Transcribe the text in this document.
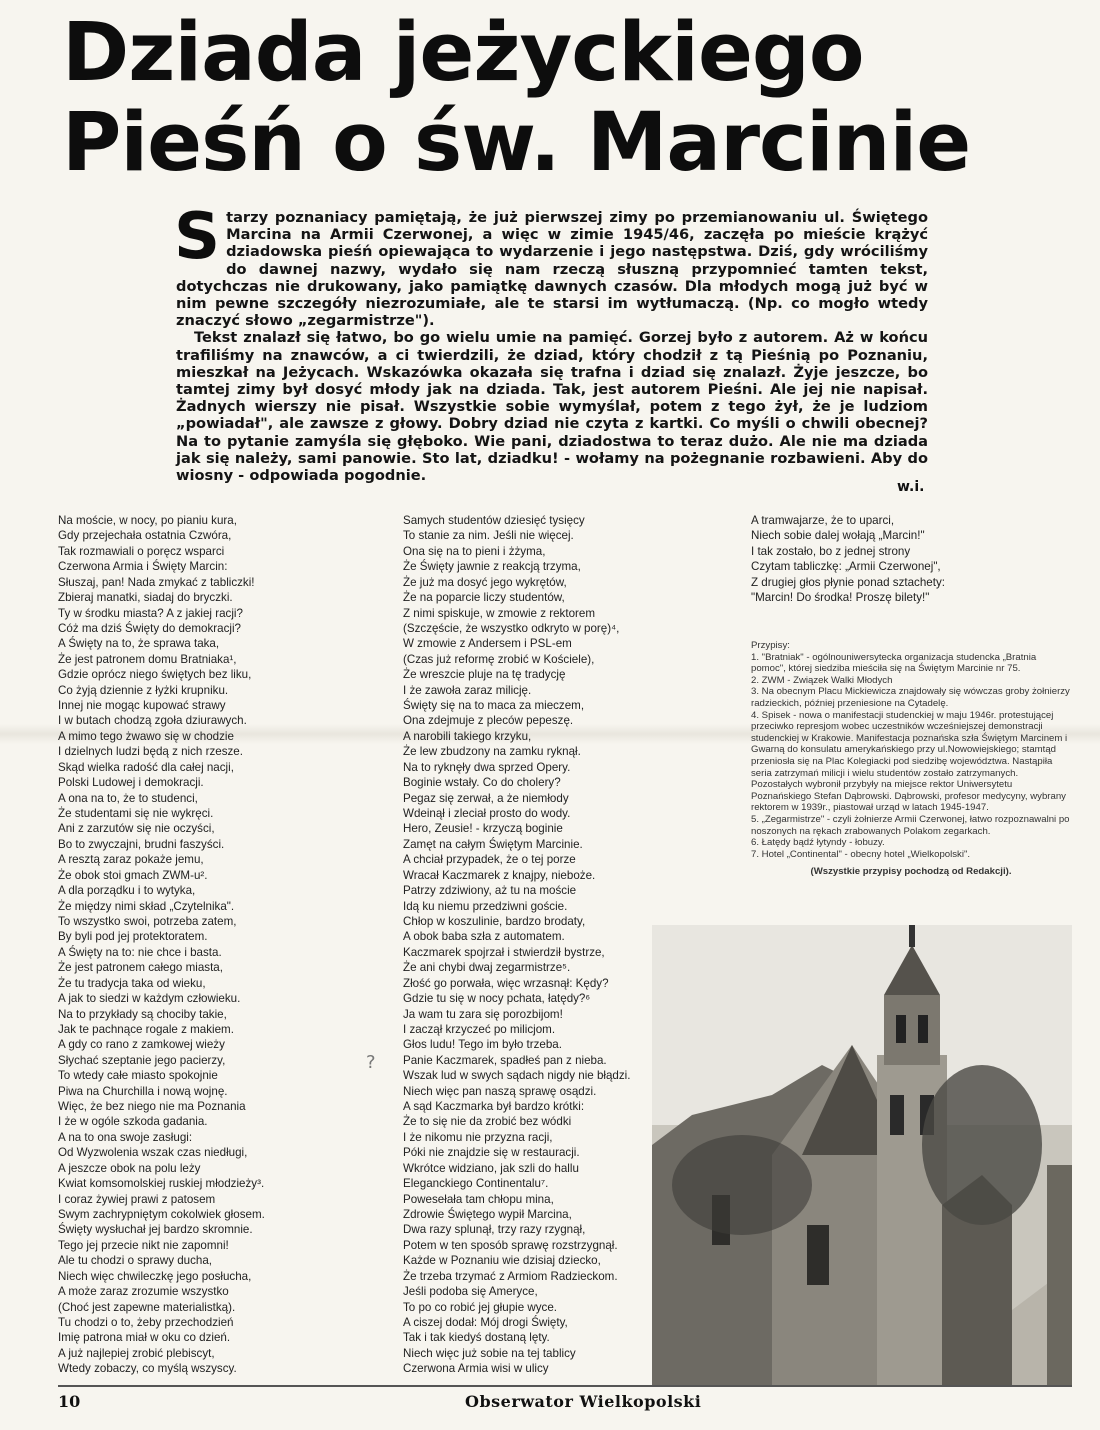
Dziada jeżyckiego
Pieśń o św. Marcinie
S tarzy poznaniacy pamiętają, że już pierwszej zimy po przemianowaniu ul. Świętego Marcina na Armii Czerwonej, a więc w zimie 1945/46, zaczęła po mieście krążyć dziadowska pieśń opiewająca to wydarzenie i jego następstwa. Dziś, gdy wróciliśmy do dawnej nazwy, wydało się nam rzeczą słuszną przypomnieć tamten tekst, dotychczas nie drukowany, jako pamiątkę dawnych czasów. Dla młodych mogą już być w nim pewne szczegóły niezrozumiałe, ale te starsi im wytłumaczą. (Np. co mogło wtedy znaczyć słowo „zegarmistrze").

Tekst znalazł się łatwo, bo go wielu umie na pamięć. Gorzej było z autorem. Aż w końcu trafiliśmy na znawców, a ci twierdzili, że dziad, który chodził z tą Pieśnią po Poznaniu, mieszkał na Jeżycach. Wskazówka okazała się trafna i dziad się znalazł. Żyje jeszcze, bo tamtej zimy był dosyć młody jak na dziada. Tak, jest autorem Pieśni. Ale jej nie napisał. Żadnych wierszy nie pisał. Wszystkie sobie wymyślał, potem z tego żył, że je ludziom „powiadał", ale zawsze z głowy. Dobry dziad nie czyta z kartki. Co myśli o chwili obecnej? Na to pytanie zamyśla się głęboko. Wie pani, dziadostwa to teraz dużo. Ale nie ma dziada jak się należy, sami panowie. Sto lat, dziadku! - wołamy na pożegnanie rozbawieni. Aby do wiosny - odpowiada pogodnie.

w.i.
Na moście, w nocy, po pianiu kura,
Gdy przejechała ostatnia Czwóra,
Tak rozmawiali o poręcz wsparci
Czerwona Armia i Święty Marcin:
Słuszaj, pan! Nada zmykać z tabliczki!
Zbieraj manatki, siadaj do bryczki.
Ty w środku miasta? A z jakiej racji?
Cóż ma dziś Święty do demokracji?
A Święty na to, że sprawa taka,
Że jest patronem domu Bratniaka¹,
Gdzie oprócz niego świętych bez liku,
Co żyją dziennie z łyżki krupniku.
Innej nie mogąc kupować strawy
I w butach chodzą zgoła dziurawych.
A mimo tego żwawo się w chodzie
I dzielnych ludzi będą z nich rzesze.
Skąd wielka radość dla całej nacji,
Polski Ludowej i demokracji.
A ona na to, że to studenci,
Że studentami się nie wykręci.
Ani z zarzutów się nie oczyści,
Bo to zwyczajni, brudni faszyści.
A resztą zaraz pokaże jemu,
Że obok stoi gmach ZWM-u².
A dla porządku i to wytyka,
Że między nimi skład „Czytelnika".
To wszystko swoi, potrzeba zatem,
By byli pod jej protektoratem.
A Święty na to: nie chce i basta.
Że jest patronem całego miasta,
Że tu tradycja taka od wieku,
A jak to siedzi w każdym człowieku.
Na to przykłady są chociby takie,
Jak te pachnące rogale z makiem.
A gdy co rano z zamkowej wieży
Słychać szeptanie jego pacierzy,
To wtedy całe miasto spokojnie
Piwa na Churchilla i nową wojnę.
Więc, że bez niego nie ma Poznania
I że w ogóle szkoda gadania.
A na to ona swoje zasługi:
Od Wyzwolenia wszak czas niedługi,
A jeszcze obok na polu leży
Kwiat komsomolskiej ruskiej młodzieży³.
I coraz żywiej prawi z patosem
Swym zachrypniętym cokolwiek głosem.
Święty wysłuchał jej bardzo skromnie.
Tego jej przecie nikt nie zapomni!
Ale tu chodzi o sprawy ducha,
Niech więc chwileczkę jego posłucha,
A może zaraz zrozumie wszystko
(Choć jest zapewne materialistką).
Tu chodzi o to, żeby przechodzień
Imię patrona miał w oku co dzień.
A już najlepiej zrobić plebiscyt,
Wtedy zobaczy, co myślą wszyscy.
Samych studentów dziesięć tysięcy
To stanie za nim. Jeśli nie więcej.
Ona się na to pieni i żżyma,
Że Święty jawnie z reakcją trzyma,
Że już ma dosyć jego wykrętów,
Że na poparcie liczy studentów,
Z nimi spiskuje, w zmowie z rektorem
(Szczęście, że wszystko odkryto w porę)⁴,
W zmowie z Andersem i PSL-em
(Czas już reformę zrobić w Kościele),
Że wreszcie pluje na tę tradycję
I że zawoła zaraz milicję.
Święty się na to maca za mieczem,
Ona zdejmuje z pleców pepeszę.
A narobili takiego krzyku,
Że lew zbudzony na zamku ryknął.
Na to ryknęły dwa sprzed Opery.
Boginie wstały. Co do cholery?
Pegaz się zerwał, a że niemłody
Wdeinął i zleciał prosto do wody.
Hero, Zeusie! - krzyczą boginie
Zamęt na całym Świętym Marcinie.
A chciał przypadek, że o tej porze
Wracał Kaczmarek z knajpy, nieboże.
Patrzy zdziwiony, aż tu na moście
Idą ku niemu przedziwni goście.
Chłop w koszulinie, bardzo brodaty,
A obok baba szła z automatem.
Kaczmarek spojrzał i stwierdził bystrze,
Że ani chybi dwaj zegarmistrze⁵.
Złość go porwała, więc wrzasnął: Kędy?
Gdzie tu się w nocy pchata, łatędy?⁶
Ja wam tu zara się porozbijom!
I zaczął krzyczeć po milicjom.
Głos ludu! Tego im było trzeba.
Panie Kaczmarek, spadłeś pan z nieba.
Wszak lud w swych sądach nigdy nie błądzi.
Niech więc pan naszą sprawę osądzi.
A sąd Kaczmarka był bardzo krótki:
Że to się nie da zrobić bez wódki
I że nikomu nie przyzna racji,
Póki nie znajdzie się w restauracji.
Wkrótce widziano, jak szli do hallu
Eleganckiego Continentalu⁷.
Powesełała tam chłopu mina,
Zdrowie Świętego wypił Marcina,
Dwa razy splunął, trzy razy rzygnął,
Potem w ten sposób sprawę rozstrzygnął.
Każde w Poznaniu wie dzisiaj dziecko,
Że trzeba trzymać z Armiom Radzieckom.
Jeśli podoba się Ameryce,
To po co robić jej głupie wyce.
A ciszej dodał: Mój drogi Święty,
Tak i tak kiedyś dostaną lęty.
Niech więc już sobie na tej tablicy
Czerwona Armia wisi w ulicy
A tramwajarze, że to uparci,
Niech sobie dalej wołają „Marcin!"
I tak zostało, bo z jednej strony
Czytam tabliczkę: „Armii Czerwonej",
Z drugiej głos płynie ponad sztachety:
"Marcin! Do środka! Proszę bilety!"
?
Przypisy:
1. "Bratniak" - ogólnouniwersytecka organizacja studencka „Bratnia pomoc", której siedziba mieściła się na Świętym Marcinie nr 75.
2. ZWM - Związek Walki Młodych
3. Na obecnym Placu Mickiewicza znajdowały się wówczas groby żołnierzy radzieckich, później przeniesione na Cytadelę.
4. Spisek - nowa o manifestacji studenckiej w maju 1946r. protestującej przeciwko represjom wobec uczestników wcześniejszej demonstracji studenckiej w Krakowie. Manifestacja poznańska szła Świętym Marcinem i Gwarną do konsulatu amerykańskiego przy ul.Nowowiejskiego; stamtąd przeniosła się na Plac Kolegiacki pod siedzibę województwa. Nastąpiła seria zatrzymań milicji i wielu studentów zostało zatrzymanych. Pozostałych wybronił przybyły na miejsce rektor Uniwersytetu Poznańskiego Stefan Dąbrowski. Dąbrowski, profesor medycyny, wybrany rektorem w 1939r., piastował urząd w latach 1945-1947.
5. „Zegarmistrze" - czyli żołnierze Armii Czerwonej, łatwo rozpoznawalni po noszonych na rękach zrabowanych Polakom zegarkach.
6. Łatędy bądź łytyndy - łobuzy.
7. Hotel „Continental" - obecny hotel „Wielkopolski".
(Wszystkie przypisy pochodzą od Redakcji).
10	Obserwator Wielkopolski
